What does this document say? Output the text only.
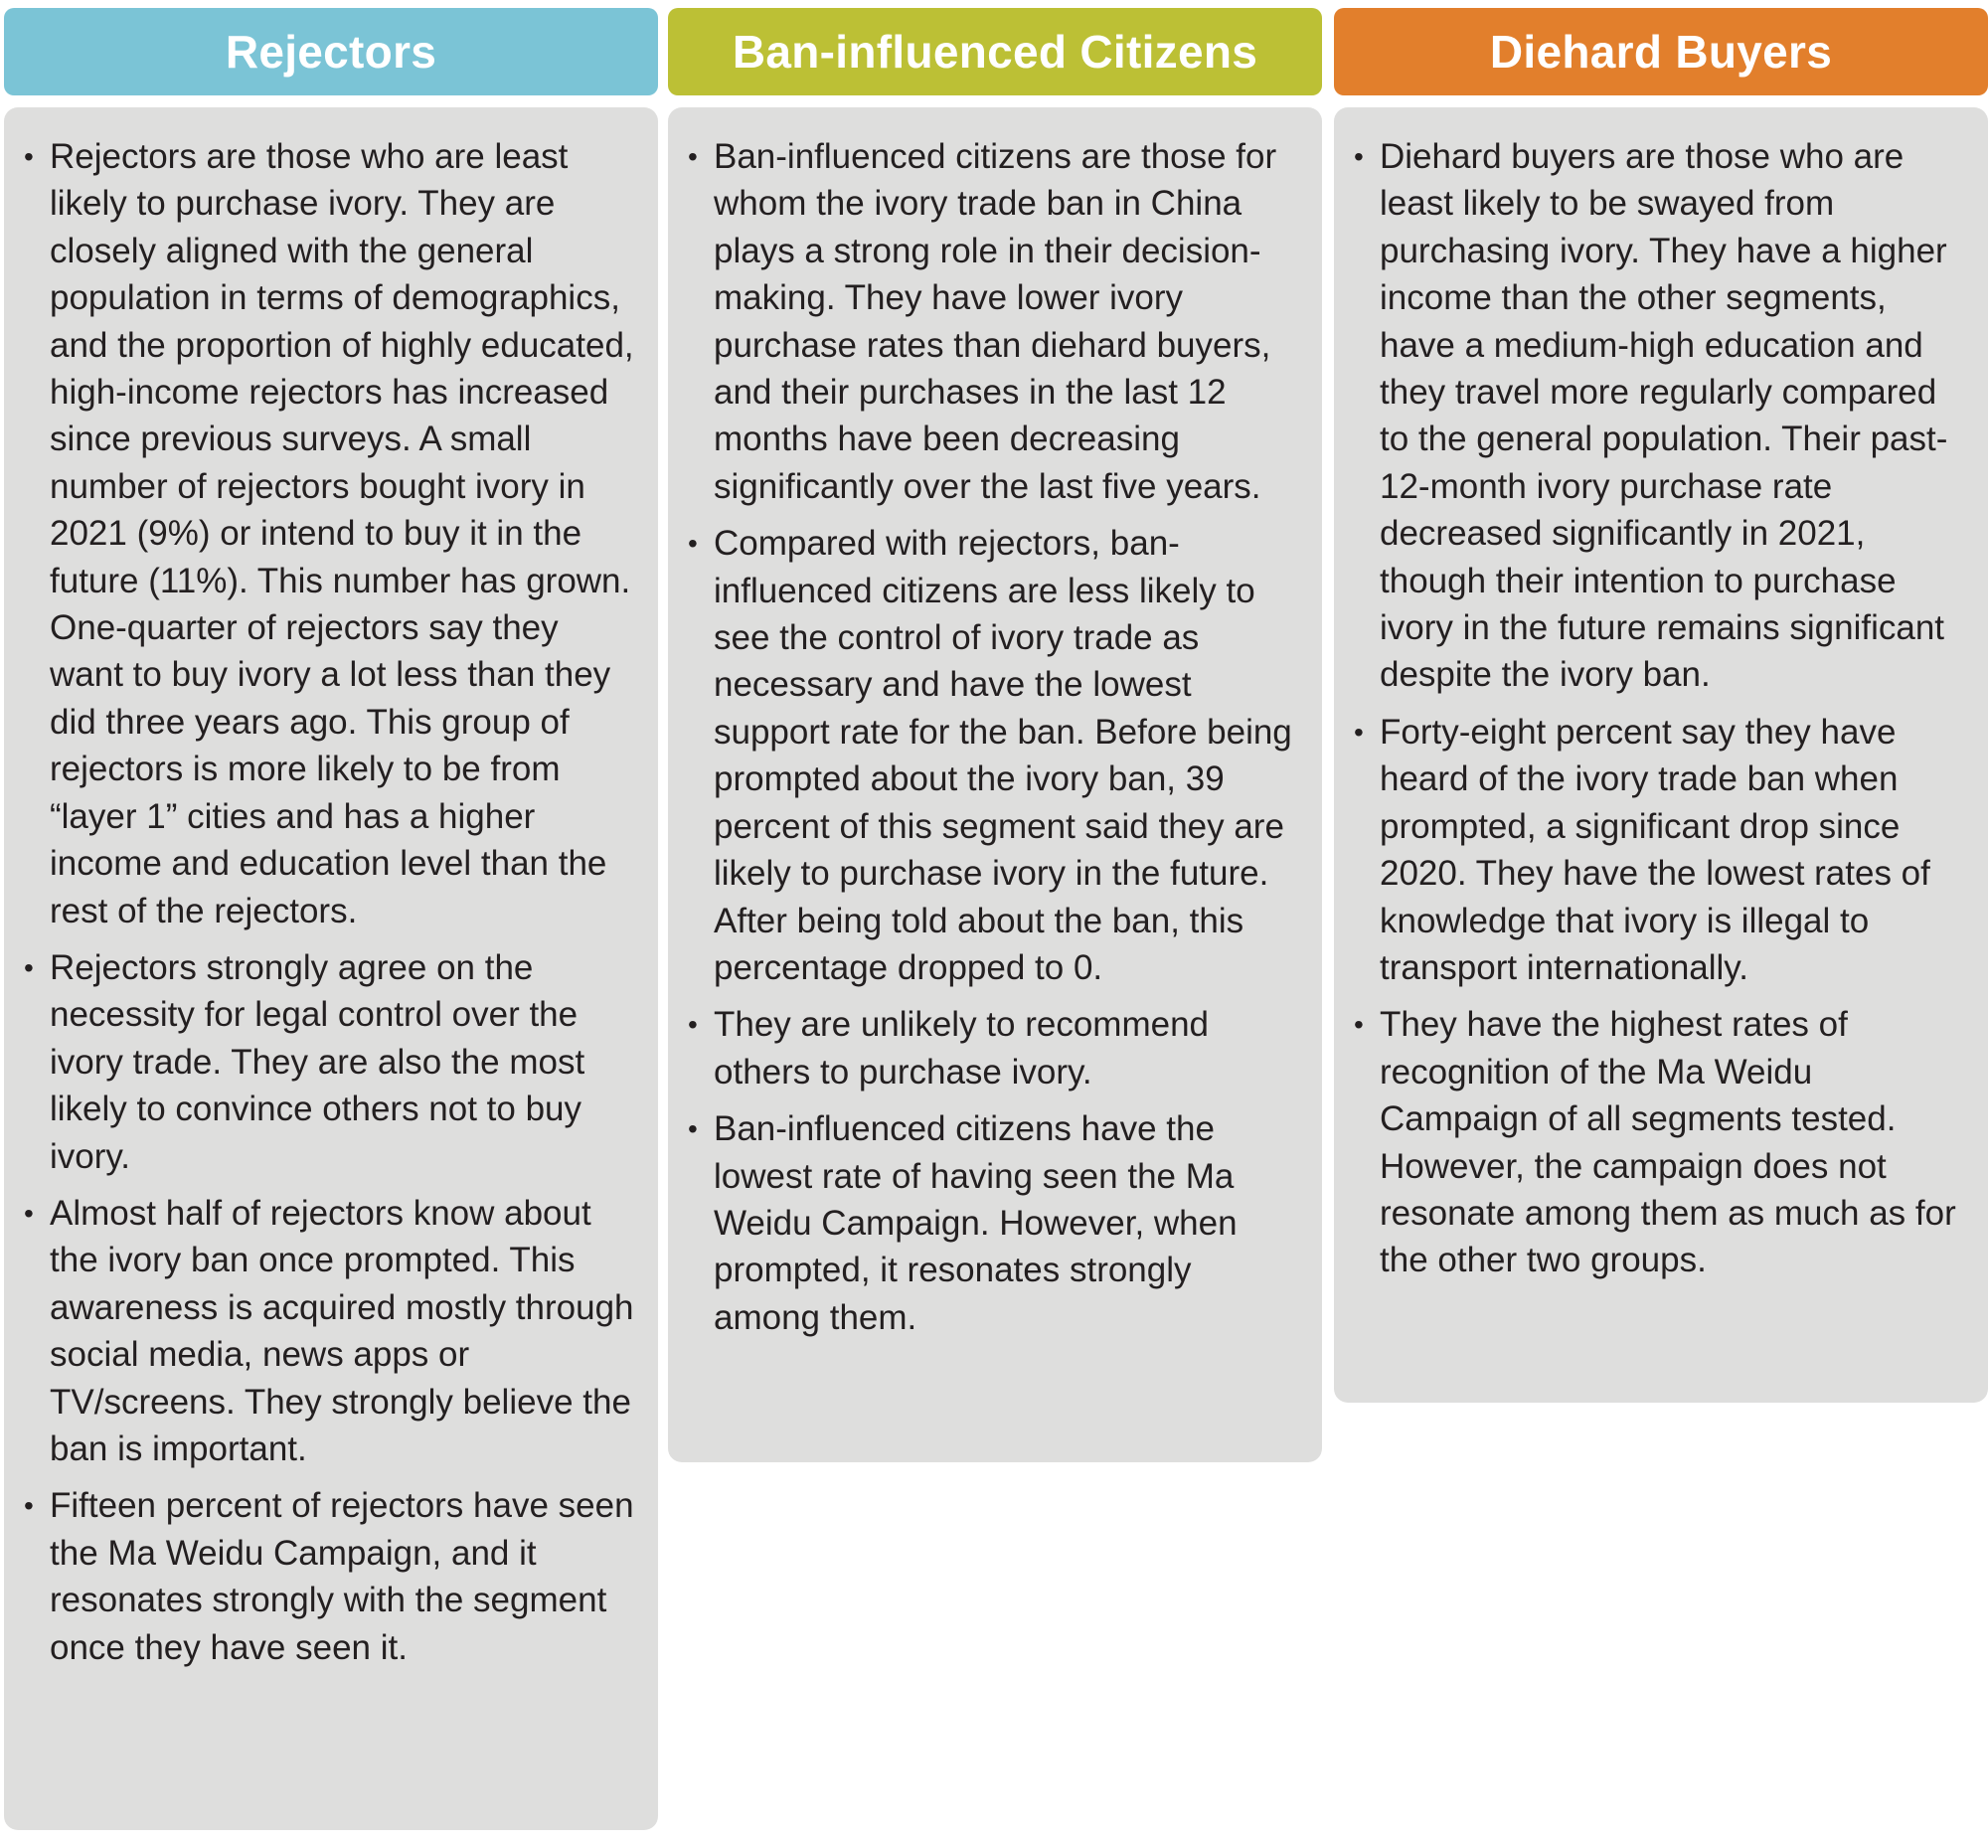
Rejectors
• Rejectors are those who are least likely to purchase ivory. They are closely aligned with the general population in terms of demographics, and the proportion of highly educated, high-income rejectors has increased since previous surveys. A small number of rejectors bought ivory in 2021 (9%) or intend to buy it in the future (11%). This number has grown. One-quarter of rejectors say they want to buy ivory a lot less than they did three years ago. This group of rejectors is more likely to be from “layer 1” cities and has a higher income and education level than the rest of the rejectors.
• Rejectors strongly agree on the necessity for legal control over the ivory trade. They are also the most likely to convince others not to buy ivory.
• Almost half of rejectors know about the ivory ban once prompted. This awareness is acquired mostly through social media, news apps or TV/screens. They strongly believe the ban is important.
• Fifteen percent of rejectors have seen the Ma Weidu Campaign, and it resonates strongly with the segment once they have seen it.
Ban-influenced Citizens
• Ban-influenced citizens are those for whom the ivory trade ban in China plays a strong role in their decision-making. They have lower ivory purchase rates than diehard buyers, and their purchases in the last 12 months have been decreasing significantly over the last five years.
• Compared with rejectors, ban-influenced citizens are less likely to see the control of ivory trade as necessary and have the lowest support rate for the ban. Before being prompted about the ivory ban, 39 percent of this segment said they are likely to purchase ivory in the future. After being told about the ban, this percentage dropped to 0.
• They are unlikely to recommend others to purchase ivory.
• Ban-influenced citizens have the lowest rate of having seen the Ma Weidu Campaign. However, when prompted, it resonates strongly among them.
Diehard Buyers
• Diehard buyers are those who are least likely to be swayed from purchasing ivory. They have a higher income than the other segments, have a medium-high education and they travel more regularly compared to the general population. Their past-12-month ivory purchase rate decreased significantly in 2021, though their intention to purchase ivory in the future remains significant despite the ivory ban.
• Forty-eight percent say they have heard of the ivory trade ban when prompted, a significant drop since 2020. They have the lowest rates of knowledge that ivory is illegal to transport internationally.
• They have the highest rates of recognition of the Ma Weidu Campaign of all segments tested. However, the campaign does not resonate among them as much as for the other two groups.
